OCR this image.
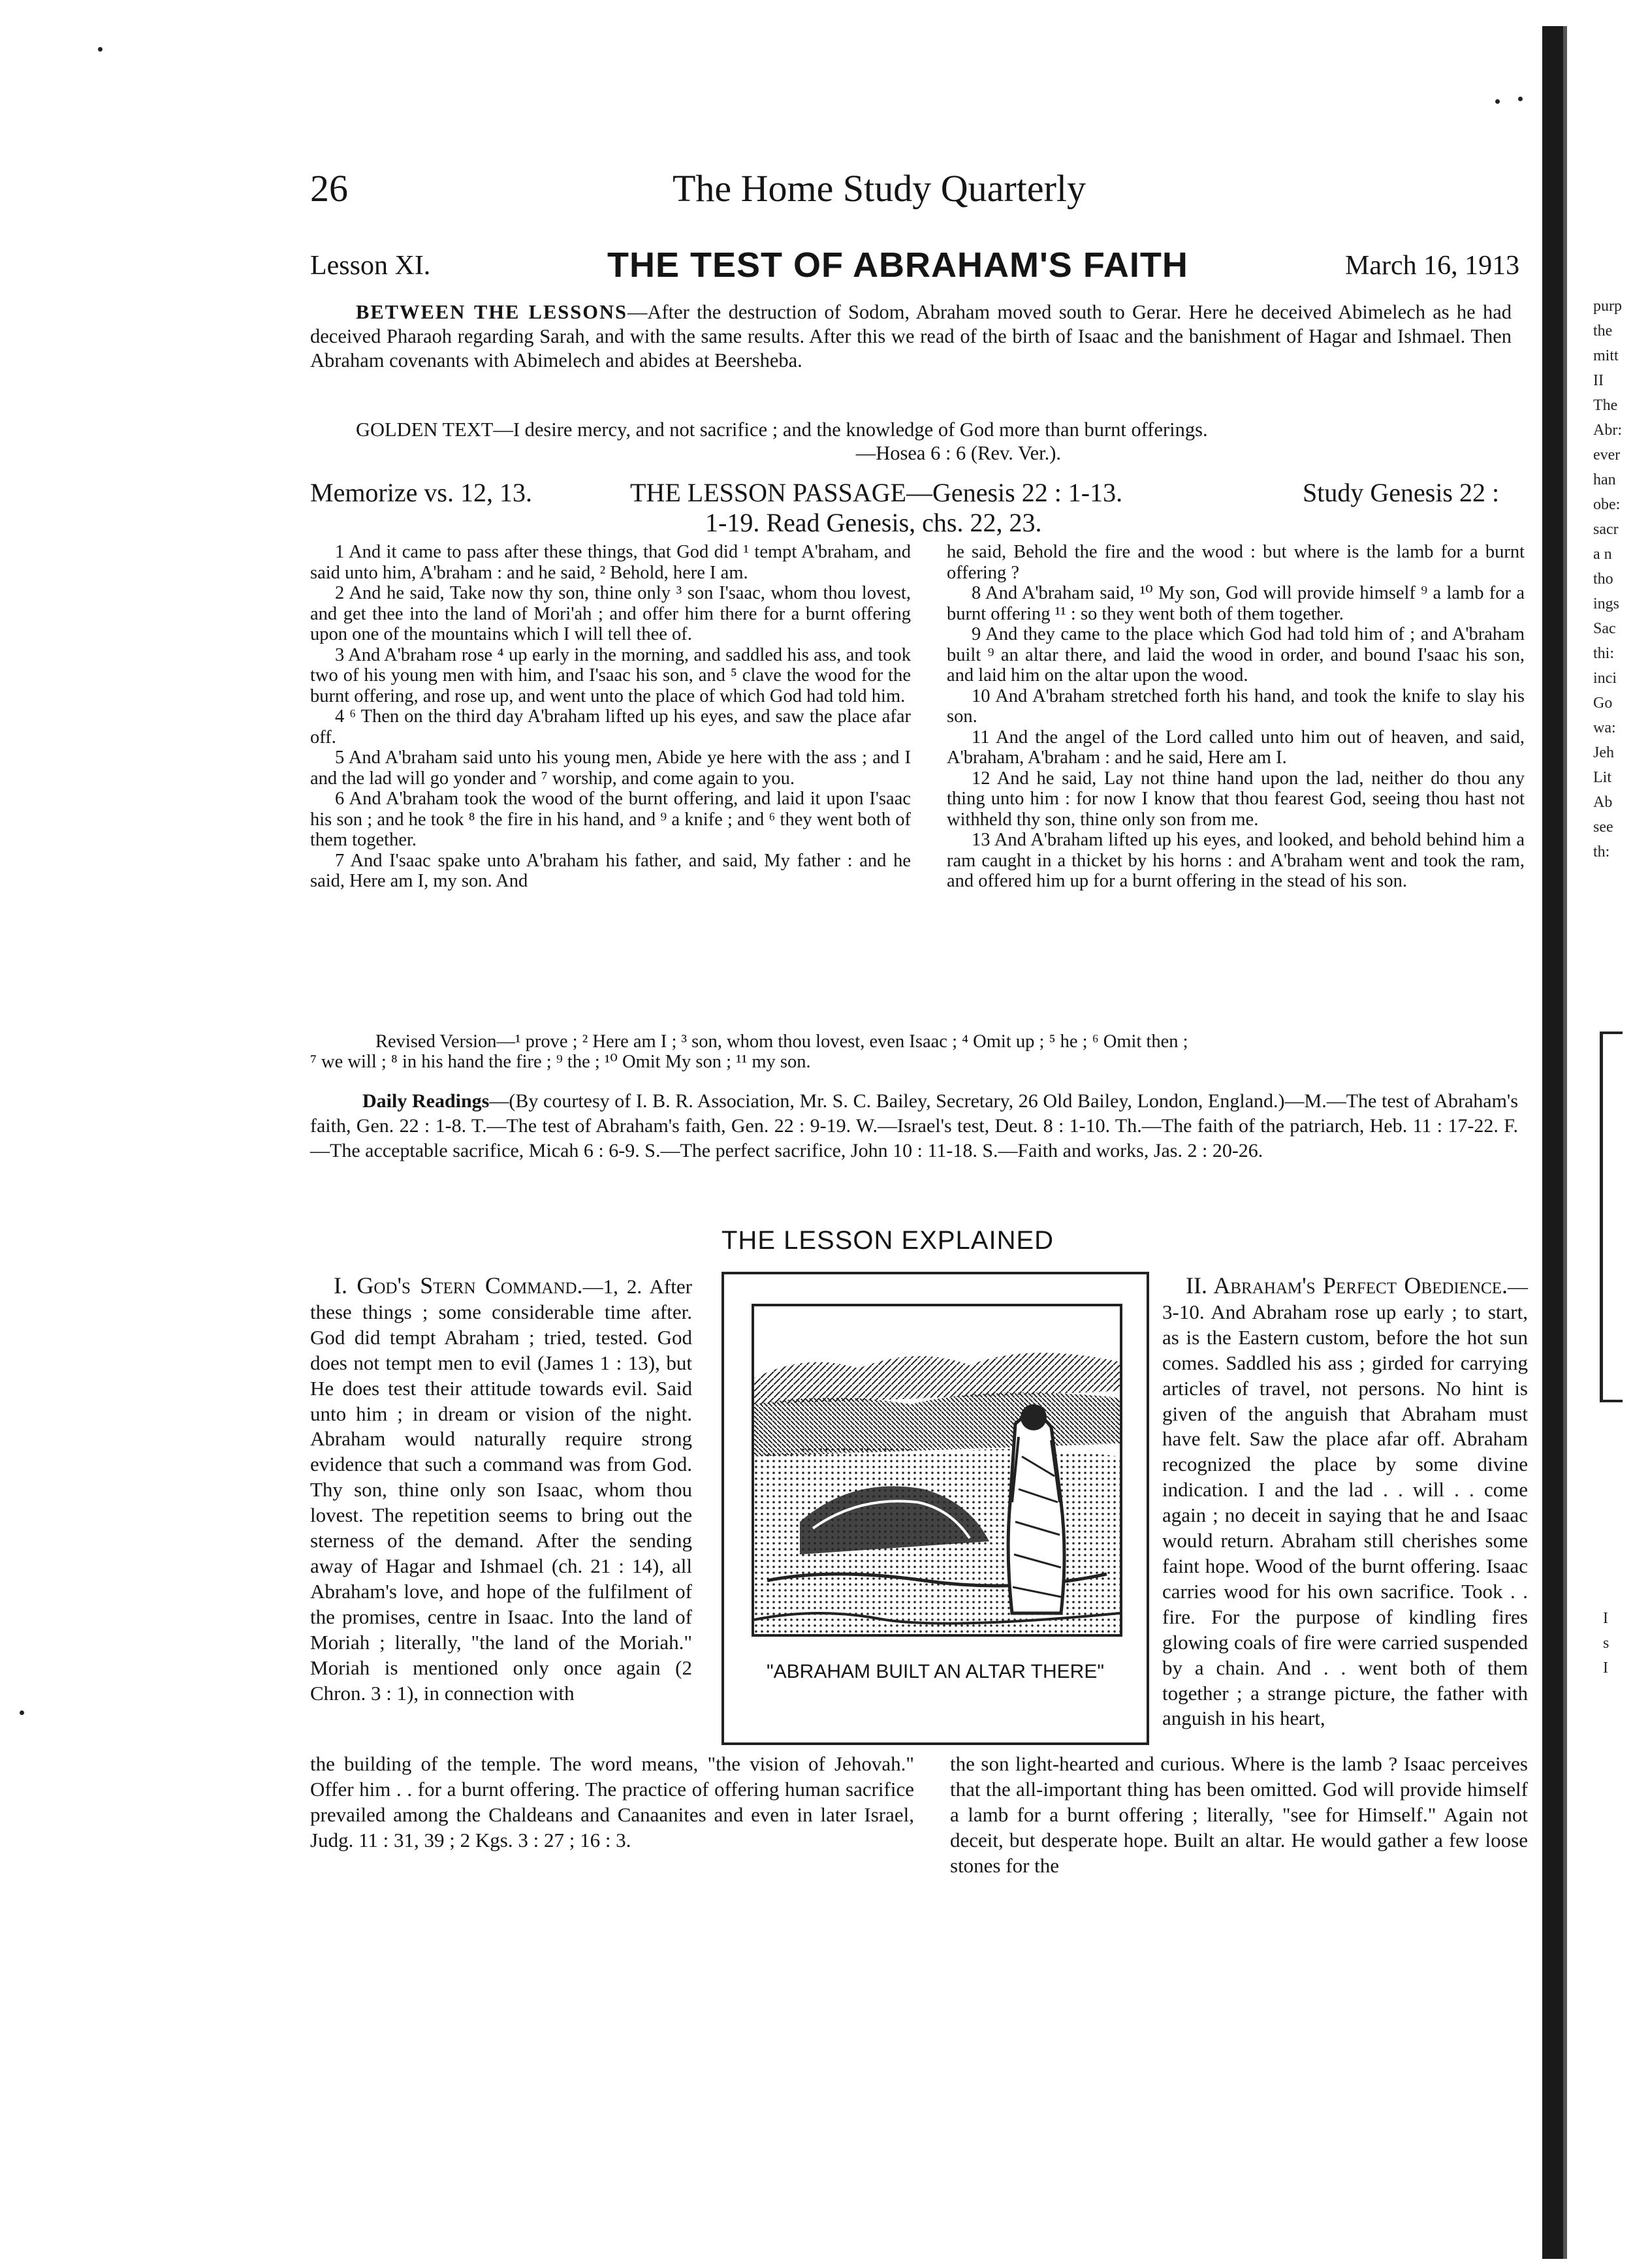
26	The Home Study Quarterly
Lesson XI.	THE TEST OF ABRAHAM'S FAITH	March 16, 1913
BETWEEN THE LESSONS—After the destruction of Sodom, Abraham moved south to Gerar. Here he deceived Abimelech as he had deceived Pharaoh regarding Sarah, and with the same results. After this we read of the birth of Isaac and the banishment of Hagar and Ishmael. Then Abraham covenants with Abimelech and abides at Beersheba.
GOLDEN TEXT—I desire mercy, and not sacrifice ; and the knowledge of God more than burnt offerings.
—Hosea 6 : 6 (Rev. Ver.).
Memorize vs. 12, 13.	THE LESSON PASSAGE—Genesis 22 : 1-13.	Study Genesis 22 :
1-19. Read Genesis, chs. 22, 23.

1 And it came to pass after these things, that God did ¹ tempt A'braham, and said unto him, A'braham : and he said, ² Behold, here I am.

2 And he said, Take now thy son, thine only ³ son I'saac, whom thou lovest, and get thee into the land of Mori'ah ; and offer him there for a burnt offering upon one of the mountains which I will tell thee of.

3 And A'braham rose ⁴ up early in the morning, and saddled his ass, and took two of his young men with him, and I'saac his son, and ⁵ clave the wood for the burnt offering, and rose up, and went unto the place of which God had told him.

4 ⁶ Then on the third day A'braham lifted up his eyes, and saw the place afar off.

5 And A'braham said unto his young men, Abide ye here with the ass ; and I and the lad will go yonder and ⁷ worship, and come again to you.

6 And A'braham took the wood of the burnt offering, and laid it upon I'saac his son ; and he took ⁸ the fire in his hand, and ⁹ a knife ; and ⁶ they went both of them together.

7 And I'saac spake unto A'braham his father, and said, My father : and he said, Here am I, my son. And

he said, Behold the fire and the wood : but where is the lamb for a burnt offering ?

8 And A'braham said, ¹⁰ My son, God will provide himself ⁹ a lamb for a burnt offering ¹¹ : so they went both of them together.

9 And they came to the place which God had told him of ; and A'braham built ⁹ an altar there, and laid the wood in order, and bound I'saac his son, and laid him on the altar upon the wood.

10 And A'braham stretched forth his hand, and took the knife to slay his son.

11 And the angel of the Lord called unto him out of heaven, and said, A'braham, A'braham : and he said, Here am I.

12 And he said, Lay not thine hand upon the lad, neither do thou any thing unto him : for now I know that thou fearest God, seeing thou hast not withheld thy son, thine only son from me.

13 And A'braham lifted up his eyes, and looked, and behold behind him a ram caught in a thicket by his horns : and A'braham went and took the ram, and offered him up for a burnt offering in the stead of his son.

Revised Version—¹ prove ; ² Here am I ; ³ son, whom thou lovest, even Isaac ; ⁴ Omit up ; ⁵ he ; ⁶ Omit then ;
⁷ we will ; ⁸ in his hand the fire ; ⁹ the ; ¹⁰ Omit My son ; ¹¹ my son.
Daily Readings—(By courtesy of I. B. R. Association, Mr. S. C. Bailey, Secretary, 26 Old Bailey, London, England.)—M.—The test of Abraham's faith, Gen. 22 : 1-8. T.—The test of Abraham's faith, Gen. 22 : 9-19. W.—Israel's test, Deut. 8 : 1-10. Th.—The faith of the patriarch, Heb. 11 : 17-22. F.—The acceptable sacrifice, Micah 6 : 6-9. S.—The perfect sacrifice, John 10 : 11-18. S.—Faith and works, Jas. 2 : 20-26.
THE LESSON EXPLAINED

I. God's Stern Command.—1, 2. After these things ; some considerable time after. God did tempt Abraham ; tried, tested. God does not tempt men to evil (James 1 : 13), but He does test their attitude towards evil. Said unto him ; in dream or vision of the night. Abraham would naturally require strong evidence that such a command was from God. Thy son, thine only son Isaac, whom thou lovest. The repetition seems to bring out the sterness of the demand. After the sending away of Hagar and Ishmael (ch. 21 : 14), all Abraham's love, and hope of the fulfilment of the promises, centre in Isaac. Into the land of Moriah ; literally, "the land of the Moriah." Moriah is mentioned only once again (2 Chron. 3 : 1), in connection with

"ABRAHAM BUILT AN ALTAR THERE"

II. Abraham's Perfect Obedience.—3-10. And Abraham rose up early ; to start, as is the Eastern custom, before the hot sun comes. Saddled his ass ; girded for carrying articles of travel, not persons. No hint is given of the anguish that Abraham must have felt. Saw the place afar off. Abraham recognized the place by some divine indication. I and the lad . . will . . come again ; no deceit in saying that he and Isaac would return. Abraham still cherishes some faint hope. Wood of the burnt offering. Isaac carries wood for his own sacrifice. Took . . fire. For the purpose of kindling fires glowing coals of fire were carried suspended by a chain. And . . went both of them together ; a strange picture, the father with anguish in his heart,

the building of the temple. The word means, "the vision of Jehovah." Offer him . . for a burnt offering. The practice of offering human sacrifice prevailed among the Chaldeans and Canaanites and even in later Israel, Judg. 11 : 31, 39 ; 2 Kgs. 3 : 27 ; 16 : 3.

the son light-hearted and curious. Where is the lamb ? Isaac perceives that the all-important thing has been omitted. God will provide himself a lamb for a burnt offering ; literally, "see for Himself." Again not deceit, but desperate hope. Built an altar. He would gather a few loose stones for the

purp
the
mitt
II
The
Abr:
ever
han
obe:
sacr
a n
tho
ings
Sac
thi:
inci
Go
wa:
Jeh
Lit
Ab
see
th:
I
s
I
